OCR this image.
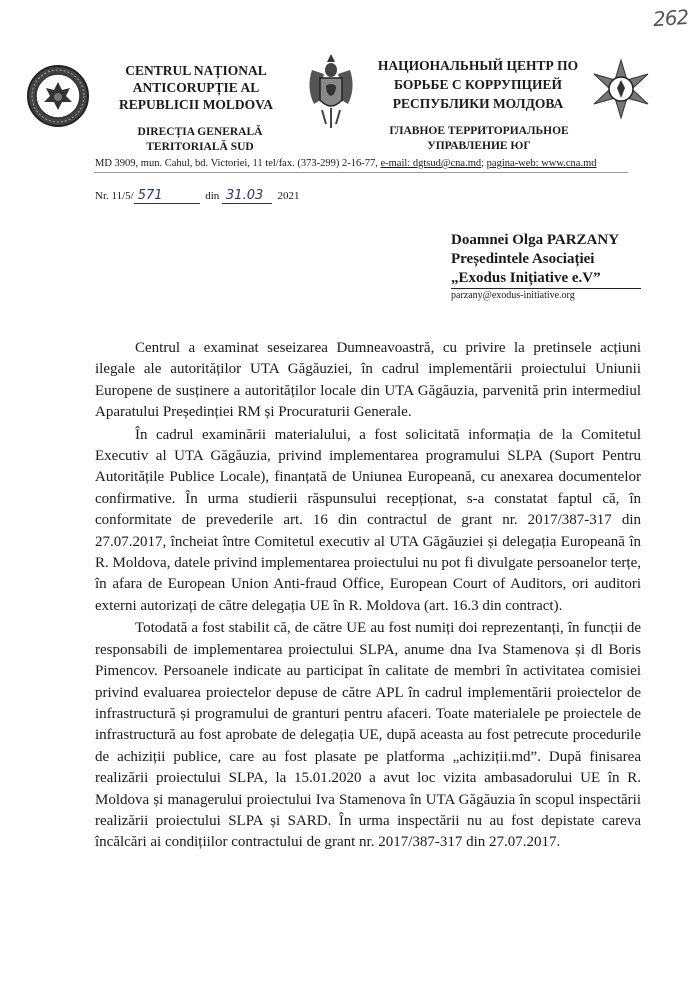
262
CENTRUL NAȚIONAL ANTICORUPȚIE AL REPUBLICII MOLDOVA
НАЦИОНАЛЬНЫЙ ЦЕНТР ПО БОРЬБЕ С КОРРУПЦИЕЙ РЕСПУБЛИКИ МОЛДОВА
DIRECȚIA GENERALĂ TERITORIALĂ SUD
ГЛАВНОЕ ТЕРРИТОРИАЛЬНОЕ УПРАВЛЕНИЕ ЮГ
MD 3909, mun. Cahul, bd. Victoriei, 11 tel/fax. (373-299) 2-16-77, e-mail: dgtsud@cna.md; pagina-web: www.cna.md
Nr. 11/5/ 571	din 31.03 2021
Doamnei Olga PARZANY
Președintele Asociației
„Exodus Inițiative e.V”
parzany@exodus-initiative.org

Centrul a examinat seseizarea Dumneavoastră, cu privire la pretinsele acțiuni ilegale ale autorităților UTA Găgăuziei, în cadrul implementării proiectului Uniunii Europene de susținere a autorităților locale din UTA Găgăuzia, parvenită prin intermediul Aparatului Președinției RM și Procuraturii Generale.

În cadrul examinării materialului, a fost solicitată informația de la Comitetul Executiv al UTA Găgăuzia, privind implementarea programului SLPA (Suport Pentru Autoritățile Publice Locale), finanțată de Uniunea Europeană, cu anexarea documentelor confirmative. În urma studierii răspunsului recepționat, s-a constatat faptul că, în conformitate de prevederile art. 16 din contractul de grant nr. 2017/387-317 din 27.07.2017, încheiat între Comitetul executiv al UTA Găgăuziei și delegația Europeană în R. Moldova, datele privind implementarea proiectului nu pot fi divulgate persoanelor terțe, în afara de European Union Anti-fraud Office, European Court of Auditors, ori auditori externi autorizați de către delegația UE în R. Moldova (art. 16.3 din contract).

Totodată a fost stabilit că, de către UE au fost numiți doi reprezentanți, în funcții de responsabili de implementarea proiectului SLPA, anume dna Iva Stamenova și dl Boris Pimencov. Persoanele indicate au participat în calitate de membri în activitatea comisiei privind evaluarea proiectelor depuse de către APL în cadrul implementării proiectelor de infrastructură și programului de granturi pentru afaceri. Toate materialele pe proiectele de infrastructură au fost aprobate de delegația UE, după aceasta au fost petrecute procedurile de achiziții publice, care au fost plasate pe platforma „achiziții.md”. După finisarea realizării proiectului SLPA, la 15.01.2020 a avut loc vizita ambasadorului UE în R. Moldova și managerului proiectului Iva Stamenova în UTA Găgăuzia în scopul inspectării realizării proiectului SLPA și SARD. În urma inspectării nu au fost depistate careva încălcări ai condițiilor contractului de grant nr. 2017/387-317 din 27.07.2017.
